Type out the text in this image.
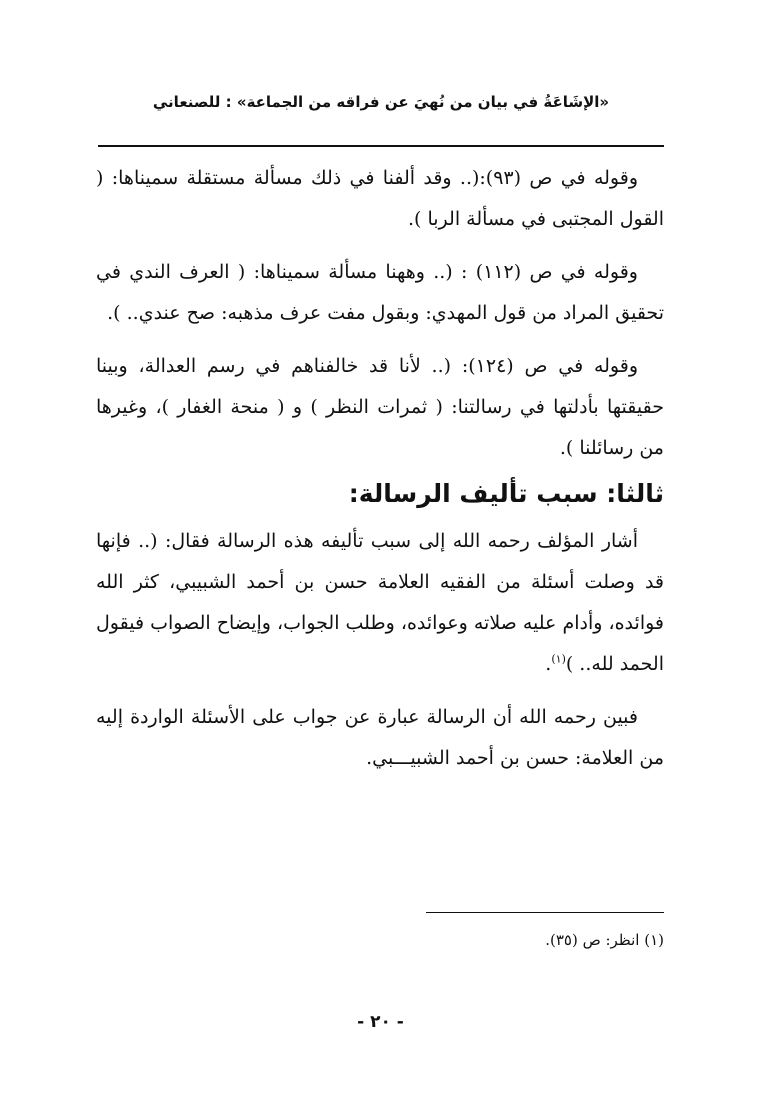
«الإشَاعَةُ في بيان من نُهيَ عن فراقه من الجماعة» : للصنعاني

وقوله في ص (٩٣):(.. وقد ألفنا في ذلك مسألة مستقلة سميناها: ( القول المجتبى في مسألة الربا ).

وقوله في ص (١١٢) : (.. وههنا مسألة سميناها: ( العرف الندي في تحقيق المراد من قول المهدي: وبقول مفت عرف مذهبه: صح عندي.. ).

وقوله في ص (١٢٤): (.. لأنا قد خالفناهم في رسم العدالة، وبينا حقيقتها بأدلتها في رسالتنا: ( ثمرات النظر ) و ( منحة الغفار )، وغيرها من رسائلنا ).

ثالثا: سبب تأليف الرسالة:

أشار المؤلف رحمه الله إلى سبب تأليفه هذه الرسالة فقال: (.. فإنها قد وصلت أسئلة من الفقيه العلامة حسن بن أحمد الشبيبي، كثر الله فوائده، وأدام عليه صلاته وعوائده، وطلب الجواب، وإيضاح الصواب فيقول الحمد لله.. )$^{(١)}$.

فبين رحمه الله أن الرسالة عبارة عن جواب على الأسئلة الواردة إليه من العلامة: حسن بن أحمد الشبيـــبي.

(١) انظر: ص (٣٥).
- ٢٠ -
